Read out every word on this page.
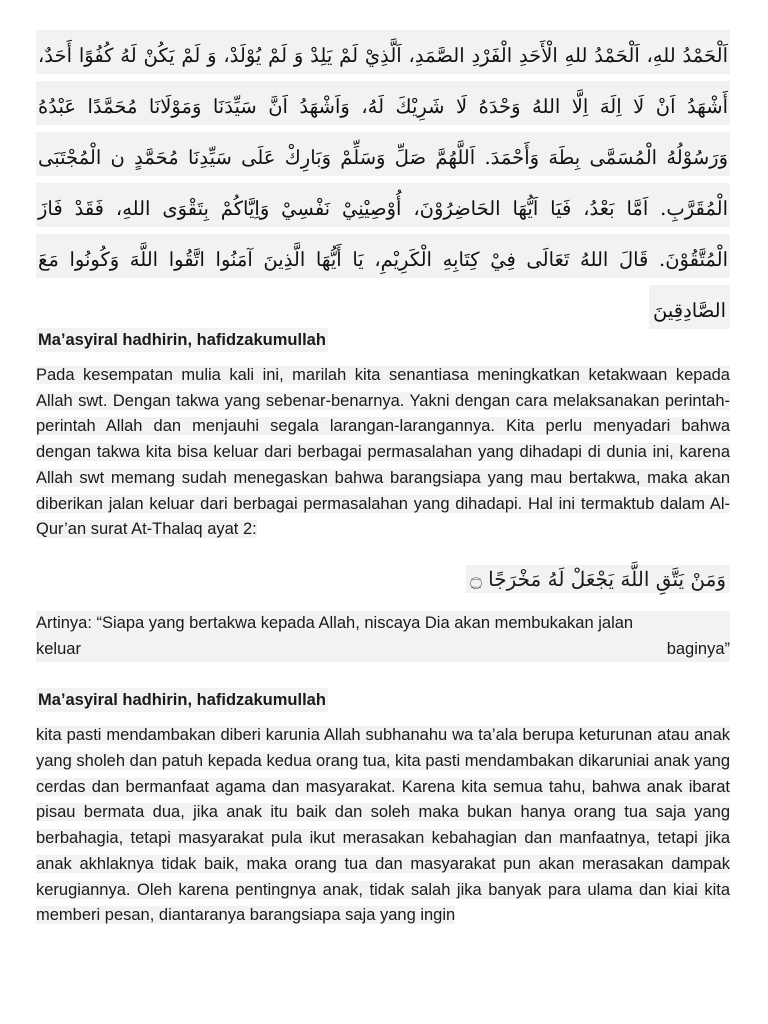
اَلْحَمْدُ للهِ، اَلْحَمْدُ للهِ الْأَحَدِ الْفَرْدِ الصَّمَدِ، اَلَّذِيْ لَمْ يَلِدْ وَ لَمْ يُوْلَدْ، وَ لَمْ يَكُنْ لَهُ كُفُوًا أَحَدٌ،
أَشْهَدُ اَنْ لَا اِلَهَ اِلَّا اللهُ وَحْدَهُ لَا شَرِيْكَ لَهُ، وَاَشْهَدُ اَنَّ سَيِّدَنَا وَمَوْلَانَا مُحَمَّدًا عَبْدُهُ
وَرَسُوْلُهُ الْمُسَمَّى بِطَهَ وَأَحْمَدَ. اَللَّهُمَّ صَلِّ وَسَلِّمْ وَبَارِكْ عَلَى سَيِّدِنَا مُحَمَّدٍ ن الْمُجْتَبَى
الْمُقَرَّبِ. اَمَّا بَعْدُ، فَيَا اَيُّهَا الحَاضِرُوْنَ، أُوْصِيْنِيْ نَفْسِيْ وَاِيَّاكُمْ بِتَقْوَى اللهِ، فَقَدْ فَازَ
الْمُتَّقُوْنَ. قَالَ اللهُ تَعَالَى فِيْ كِتَابِهِ الْكَرِيْمِ، يَا أَيُّهَا الَّذِينَ آمَنُوا اتَّقُوا اللَّهَ وَكُونُوا مَعَ
الصَّادِقِينَ
Ma’asyiral hadhirin, hafidzakumullah

Pada kesempatan mulia kali ini, marilah kita senantiasa meningkatkan ketakwaan kepada Allah swt. Dengan takwa yang sebenar-benarnya. Yakni dengan cara melaksanakan perintah-perintah Allah dan menjauhi segala larangan-larangannya. Kita perlu menyadari bahwa dengan takwa kita bisa keluar dari berbagai permasalahan yang dihadapi di dunia ini, karena Allah swt memang sudah menegaskan bahwa barangsiapa yang mau bertakwa, maka akan diberikan jalan keluar dari berbagai permasalahan yang dihadapi. Hal ini termaktub dalam Al-Qur’an surat At-Thalaq ayat 2:

وَمَنْ يَتَّقِ اللَّهَ يَجْعَلْ لَهُ مَخْرَجًا ۝
Artinya: “Siapa yang bertakwa kepada Allah, niscaya Dia akan membukakan jalan
keluar	baginya”
Ma’asyiral hadhirin, hafidzakumullah

kita pasti mendambakan diberi karunia Allah subhanahu wa ta’ala berupa keturunan atau anak yang sholeh dan patuh kepada kedua orang tua, kita pasti mendambakan dikaruniai anak yang cerdas dan bermanfaat agama dan masyarakat. Karena kita semua tahu, bahwa anak ibarat pisau bermata dua, jika anak itu baik dan soleh maka bukan hanya orang tua saja yang berbahagia, tetapi masyarakat pula ikut merasakan kebahagian dan manfaatnya, tetapi jika anak akhlaknya tidak baik, maka orang tua dan masyarakat pun akan merasakan dampak kerugiannya. Oleh karena pentingnya anak, tidak salah jika banyak para ulama dan kiai kita memberi pesan, diantaranya barangsiapa saja yang ingin
